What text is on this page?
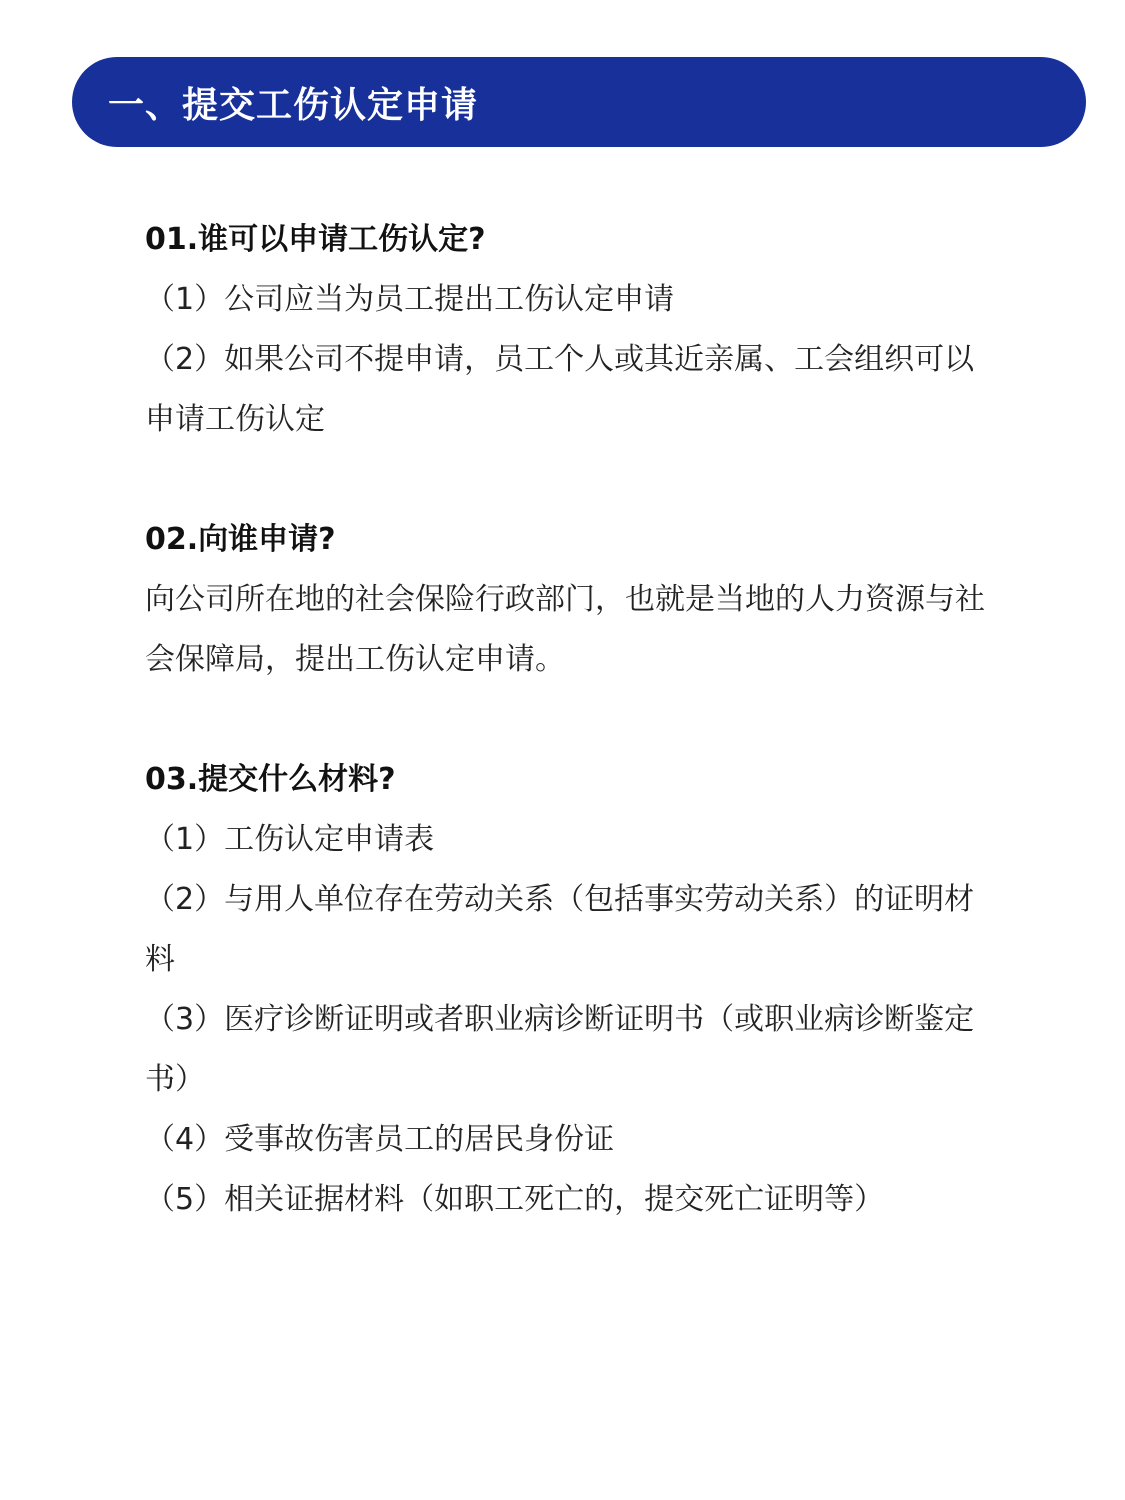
一、提交工伤认定申请
01.谁可以申请工伤认定?

（1）公司应当为员工提出工伤认定申请

（2）如果公司不提申请，员工个人或其近亲属、工会组织可以申请工伤认定

02.向谁申请?

向公司所在地的社会保险行政部门，也就是当地的人力资源与社会保障局，提出工伤认定申请。

03.提交什么材料?

（1）工伤认定申请表

（2）与用人单位存在劳动关系（包括事实劳动关系）的证明材料

（3）医疗诊断证明或者职业病诊断证明书（或职业病诊断鉴定书）

（4）受事故伤害员工的居民身份证

（5）相关证据材料（如职工死亡的，提交死亡证明等）
